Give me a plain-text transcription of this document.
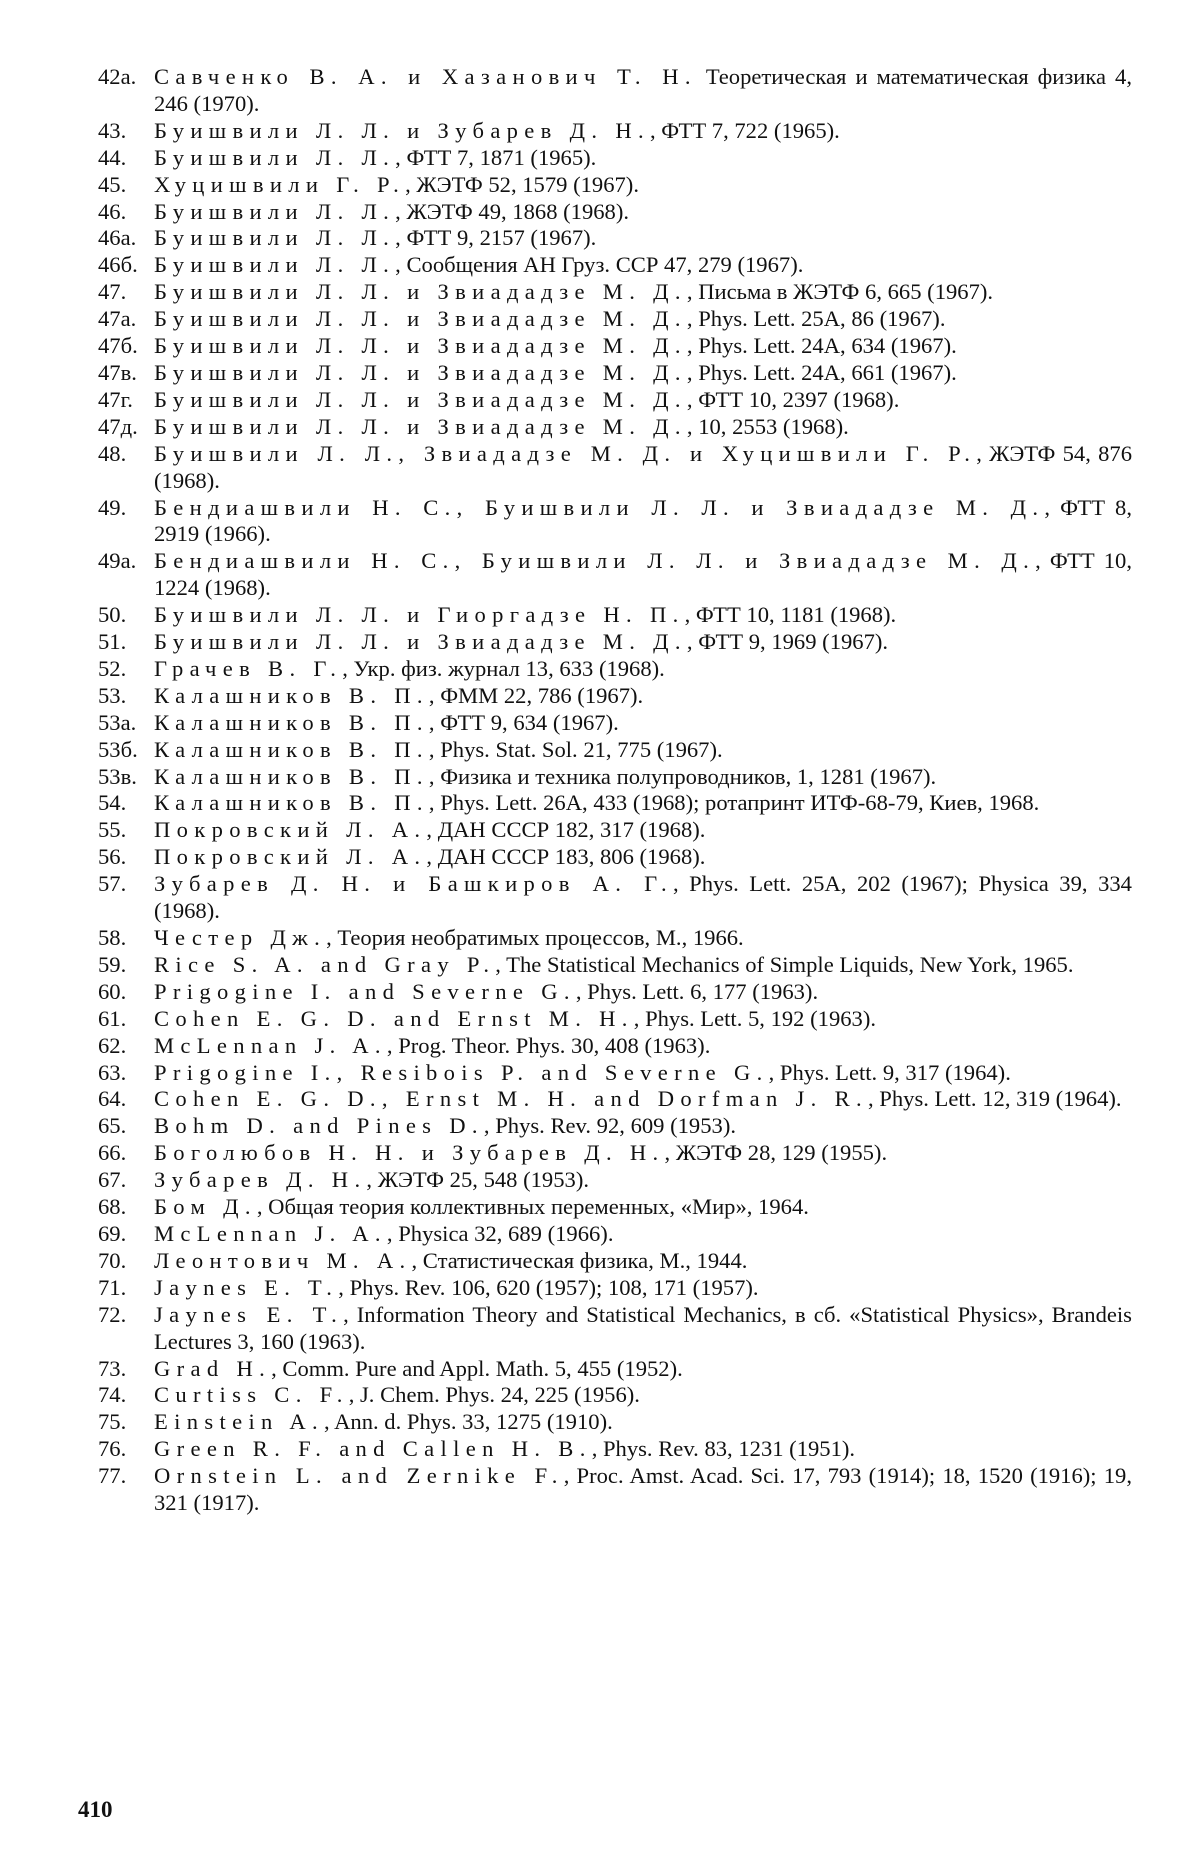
42а. Савченко В. А. и Хазанович Т. Н. Теоретическая и математическая физика 4, 246 (1970).
43.	Буишвили Л. Л. и Зубарев Д. Н., ФТТ 7, 722 (1965).
44.	Буишвили Л. Л., ФТТ 7, 1871 (1965).
45.	Хуцишвили Г. Р., ЖЭТФ 52, 1579 (1967).
46.	Буишвили Л. Л., ЖЭТФ 49, 1868 (1968).
46а. Буишвили Л. Л., ФТТ 9, 2157 (1967).
46б. Буишвили Л. Л., Сообщения АН Груз. ССР 47, 279 (1967).
47.	Буишвили Л. Л. и Звиададзе М. Д., Письма в ЖЭТФ 6, 665 (1967).
47а. Буишвили Л. Л. и Звиададзе М. Д., Phys. Lett. 25A, 86 (1967).
47б. Буишвили Л. Л. и Звиададзе М. Д., Phys. Lett. 24A, 634 (1967).
47в. Буишвили Л. Л. и Звиададзе М. Д., Phys. Lett. 24A, 661 (1967).
47г. Буишвили Л. Л. и Звиададзе М. Д., ФТТ 10, 2397 (1968).
47д. Буишвили Л. Л. и Звиададзе М. Д., 10, 2553 (1968).
48.	Буишвили Л. Л., Звиададзе М. Д. и Хуцишвили Г. Р., ЖЭТФ 54, 876 (1968).
49.	Бендиашвили Н. С., Буишвили Л. Л. и Звиададзе М. Д., ФТТ 8, 2919 (1966).
49а. Бендиашвили Н. С., Буишвили Л. Л. и Звиададзе М. Д., ФТТ 10, 1224 (1968).
50.	Буишвили Л. Л. и Гиоргадзе Н. П., ФТТ 10, 1181 (1968).
51.	Буишвили Л. Л. и Звиададзе М. Д., ФТТ 9, 1969 (1967).
52.	Грачев В. Г., Укр. физ. журнал 13, 633 (1968).
53.	Калашников В. П., ФММ 22, 786 (1967).
53а. Калашников В. П., ФТТ 9, 634 (1967).
53б. Калашников В. П., Phys. Stat. Sol. 21, 775 (1967).
53в. Калашников В. П., Физика и техника полупроводников, 1, 1281 (1967).
54.	Калашников В. П., Phys. Lett. 26A, 433 (1968); ротапринт ИТФ-68-79, Киев, 1968.
55.	Покровский Л. А., ДАН СССР 182, 317 (1968).
56.	Покровский Л. А., ДАН СССР 183, 806 (1968).
57.	Зубарев Д. Н. и Башкиров А. Г., Phys. Lett. 25A, 202 (1967); Physica 39, 334 (1968).
58.	Честер Дж., Теория необратимых процессов, М., 1966.
59.	Rice S. A. and Gray P., The Statistical Mechanics of Simple Liquids, New York, 1965.
60.	Prigogine I. and Severne G., Phys. Lett. 6, 177 (1963).
61.	Cohen E. G. D. and Ernst M. H., Phys. Lett. 5, 192 (1963).
62.	McLennan J. A., Prog. Theor. Phys. 30, 408 (1963).
63.	Prigogine I., Resibois P. and Severne G., Phys. Lett. 9, 317 (1964).
64.	Cohen E. G. D., Ernst M. H. and Dorfman J. R., Phys. Lett. 12, 319 (1964).
65.	Bohm D. and Pines D., Phys. Rev. 92, 609 (1953).
66.	Боголюбов Н. Н. и Зубарев Д. Н., ЖЭТФ 28, 129 (1955).
67.	Зубарев Д. Н., ЖЭТФ 25, 548 (1953).
68.	Бом Д., Общая теория коллективных переменных, «Мир», 1964.
69.	McLennan J. A., Physica 32, 689 (1966).
70.	Леонтович М. А., Статистическая физика, М., 1944.
71.	Jaynes E. T., Phys. Rev. 106, 620 (1957); 108, 171 (1957).
72.	Jaynes E. T., Information Theory and Statistical Mechanics, в сб. «Statistical Physics», Brandeis Lectures 3, 160 (1963).
73.	Grad H., Comm. Pure and Appl. Math. 5, 455 (1952).
74.	Curtiss C. F., J. Chem. Phys. 24, 225 (1956).
75.	Einstein A., Ann. d. Phys. 33, 1275 (1910).
76.	Green R. F. and Callen H. B., Phys. Rev. 83, 1231 (1951).
77.	Ornstein L. and Zernike F., Proc. Amst. Acad. Sci. 17, 793 (1914); 18, 1520 (1916); 19, 321 (1917).
410
